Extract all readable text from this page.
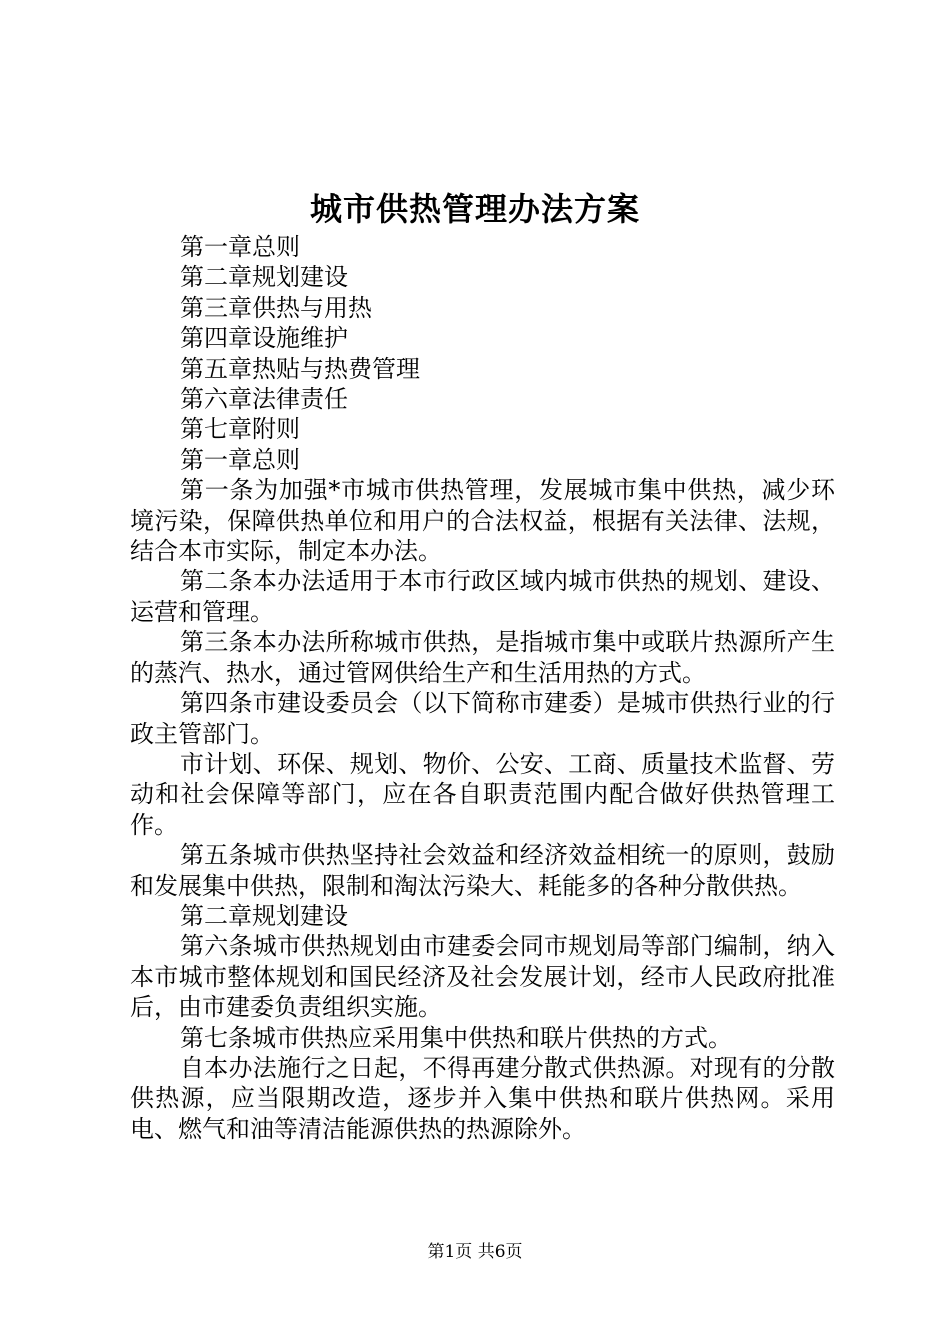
城市供热管理办法方案
第一章总则
第二章规划建设
第三章供热与用热
第四章设施维护
第五章热贴与热费管理
第六章法律责任
第七章附则
第一章总则
第一条为加强*市城市供热管理，发展城市集中供热，减少环境污染，保障供热单位和用户的合法权益，根据有关法律、法规，结合本市实际，制定本办法。
第二条本办法适用于本市行政区域内城市供热的规划、建设、运营和管理。
第三条本办法所称城市供热，是指城市集中或联片热源所产生的蒸汽、热水，通过管网供给生产和生活用热的方式。
第四条市建设委员会（以下简称市建委）是城市供热行业的行政主管部门。
市计划、环保、规划、物价、公安、工商、质量技术监督、劳动和社会保障等部门，应在各自职责范围内配合做好供热管理工作。
第五条城市供热坚持社会效益和经济效益相统一的原则，鼓励和发展集中供热，限制和淘汰污染大、耗能多的各种分散供热。
第二章规划建设
第六条城市供热规划由市建委会同市规划局等部门编制，纳入本市城市整体规划和国民经济及社会发展计划，经市人民政府批准后，由市建委负责组织实施。
第七条城市供热应采用集中供热和联片供热的方式。
自本办法施行之日起，不得再建分散式供热源。对现有的分散供热源，应当限期改造，逐步并入集中供热和联片供热网。采用电、燃气和油等清洁能源供热的热源除外。
第1页 共6页
